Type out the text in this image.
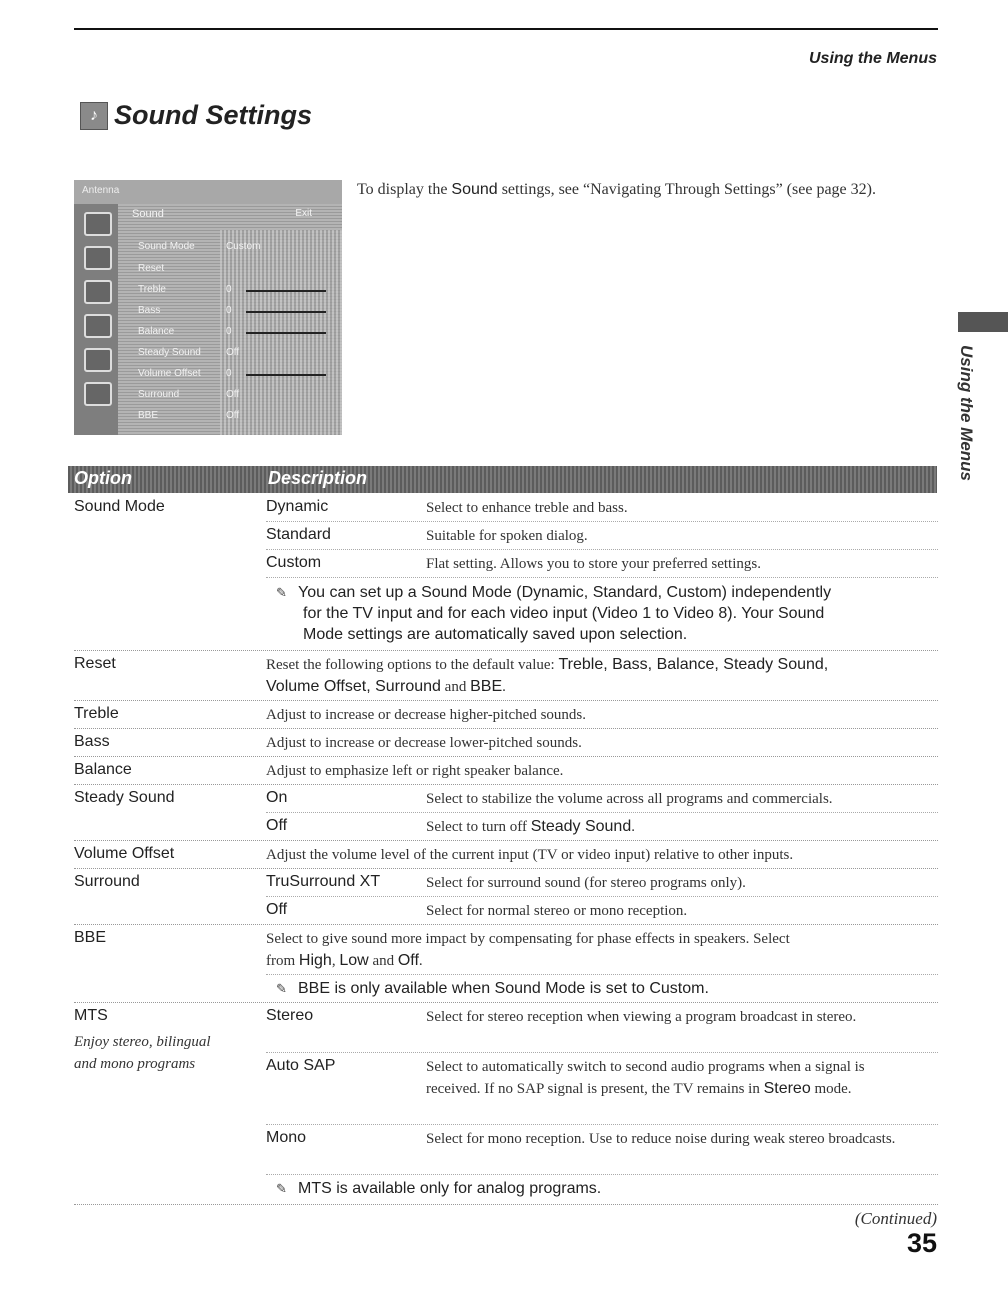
Using the Menus
♪ Sound Settings
Using the Menus
Antenna
Sound	Exit
Sound Mode	Custom
Reset
Treble	0
Bass	0
Balance	0
Steady Sound	Off
Volume Offset	0
Surround	Off
BBE	Off
To display the Sound settings, see “Navigating Through Settings” (see page 32).
Option	Description
Sound Mode	Dynamic	Select to enhance treble and bass.
Standard	Suitable for spoken dialog.
Custom	Flat setting. Allows you to store your preferred settings.
✎ You can set up a Sound Mode (Dynamic, Standard, Custom) independently
for the TV input and for each video input (Video 1 to Video 8). Your Sound
Mode settings are automatically saved upon selection.
Reset	Reset the following options to the default value: Treble, Bass, Balance, Steady Sound,
Volume Offset, Surround and BBE.
Treble	Adjust to increase or decrease higher-pitched sounds.
Bass	Adjust to increase or decrease lower-pitched sounds.
Balance	Adjust to emphasize left or right speaker balance.
Steady Sound	On	Select to stabilize the volume across all programs and commercials.
Off	Select to turn off Steady Sound.
Volume Offset	Adjust the volume level of the current input (TV or video input) relative to other inputs.
Surround	TruSurround XT	Select for surround sound (for stereo programs only).
Off	Select for normal stereo or mono reception.
BBE	Select to give sound more impact by compensating for phase effects in speakers. Select
from High, Low and Off.
✎ BBE is only available when Sound Mode is set to Custom.
MTS
Enjoy stereo, bilingual
and mono programs
Stereo	Select for stereo reception when viewing a program broadcast in stereo.
Auto SAP	Select to automatically switch to second audio programs when a signal is received. If no SAP signal is present, the TV remains in Stereo mode.
Mono	Select for mono reception. Use to reduce noise during weak stereo broadcasts.
✎ MTS is available only for analog programs.
(Continued)
35
